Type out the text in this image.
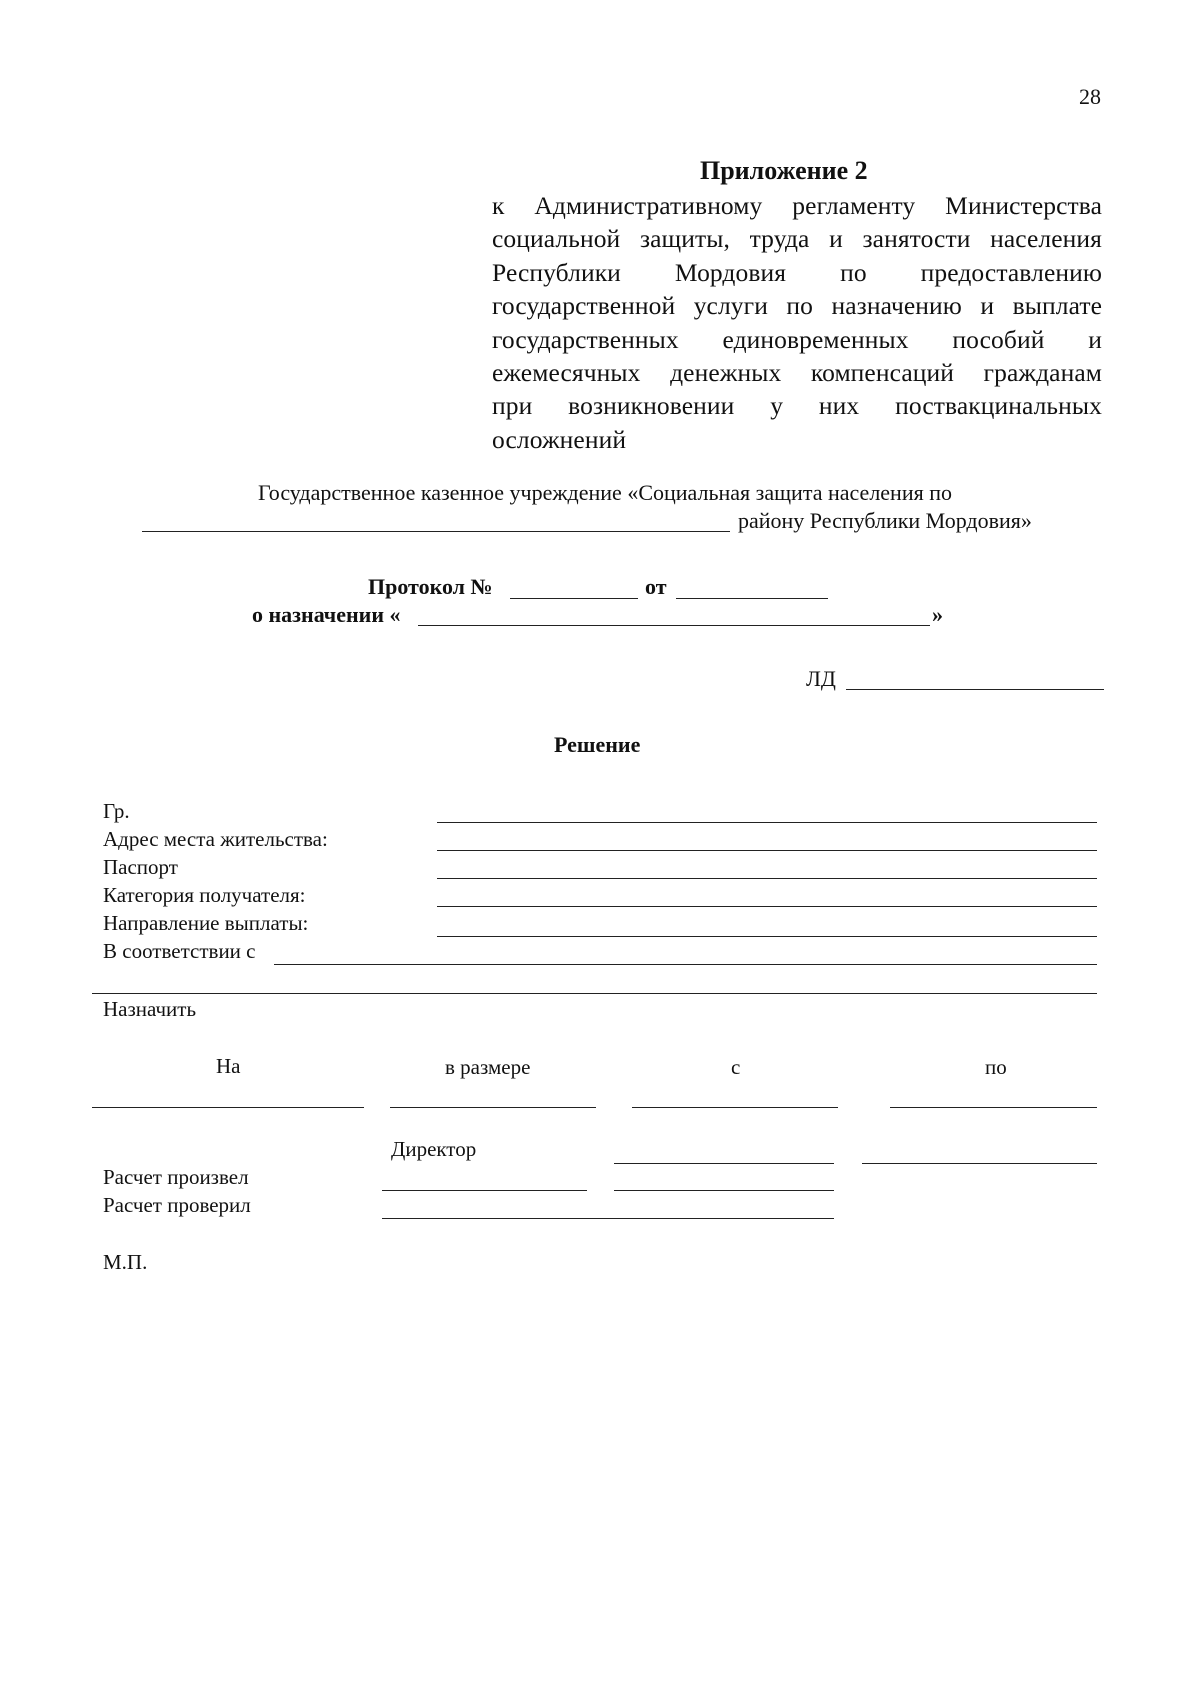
28
Приложение 2
к Административному регламенту Министерства
социальной защиты, труда и занятости населения
Республики Мордовия по предоставлению
государственной услуги по назначению и выплате
государственных единовременных пособий и
ежемесячных денежных компенсаций гражданам
при возникновении у них поствакцинальных
осложнений
Государственное казенное учреждение «Социальная защита населения по
району Республики Мордовия»
Протокол №	от
о назначении «	»
ЛД
Решение
Гр.
Адрес места жительства:
Паспорт
Категория получателя:
Направление выплаты:
В соответствии с
Назначить
На	в размере	с	по
Директор
Расчет произвел
Расчет проверил
М.П.
